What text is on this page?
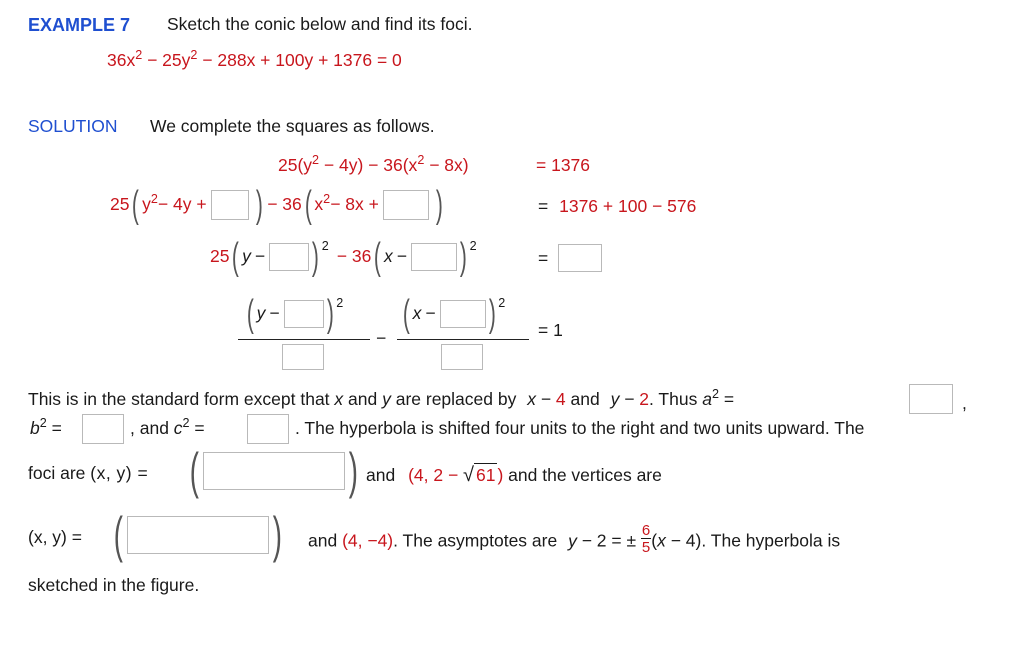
EXAMPLE 7 Sketch the conic below and find its foci.
$36x^2 - 25y^2 - 288x + 100y + 1376 = 0$
SOLUTION We complete the squares as follows.
$25(y^2 - 4y) - 36(x^2 - 8x)$	= 1376
25 ( $y^2 - 4y$ + ) − 36 ( $x^2 - 8x$ + )	= 1376 + 100 − 576
25 ( y − )$^2$
− 36 ( x − )$^2$
=
( y − )$^2$
−
( x − )$^2$
= 1
This is in the standard form except that x and y are replaced by x − 4 and y − 2. Thus $a^2$ =	,
$b^2$ =	, and $c^2$ =	. The hyperbola is shifted four units to the right and two units upward. The
foci are (x, y) = (	) and (4, 2 − √ 61 ) and the vertices are
(x, y) = (	) and (4, −4). The asymptotes are y − 2 = ± $\frac{6}{5} (x - 4)$. The hyperbola is
sketched in the figure.
